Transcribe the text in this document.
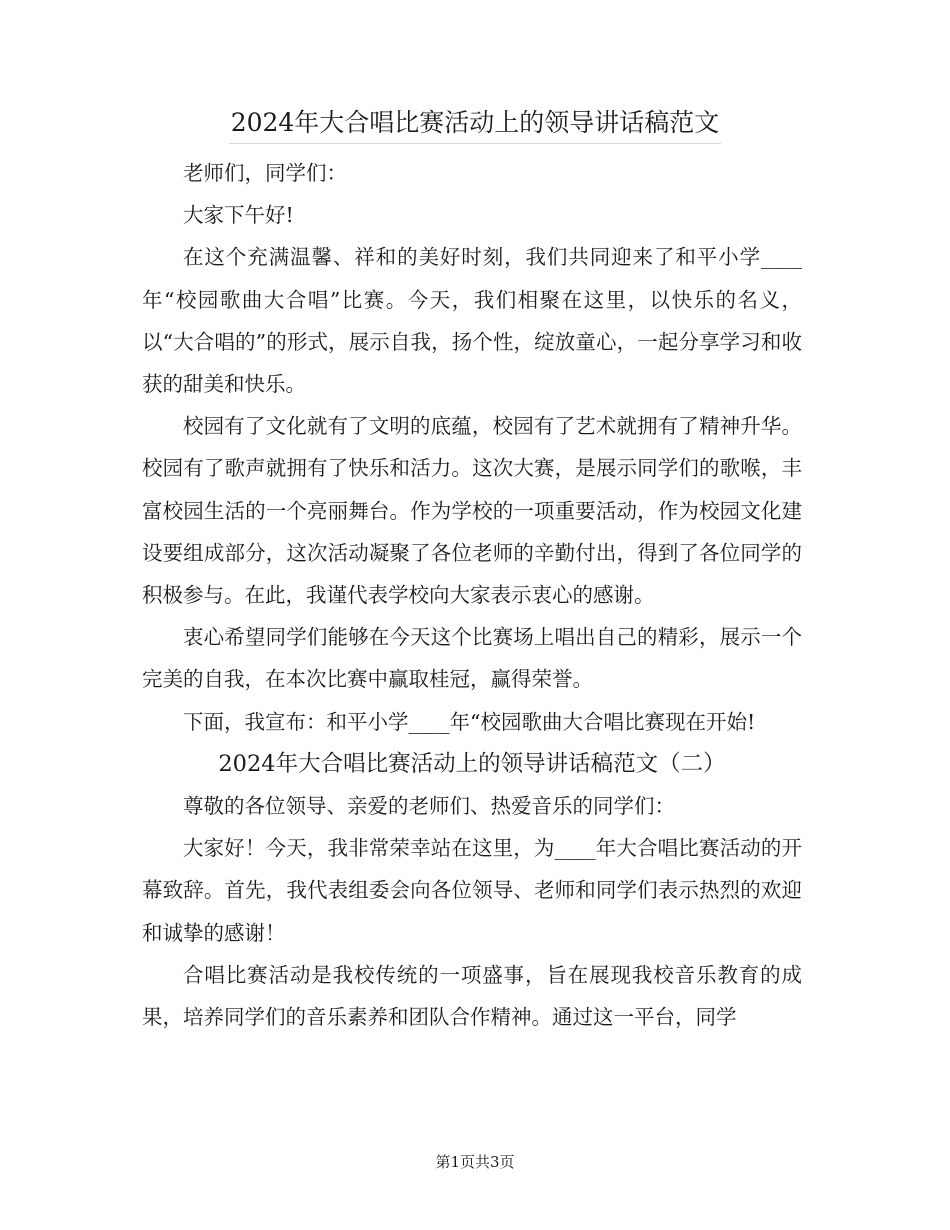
2024年大合唱比赛活动上的领导讲话稿范文

老师们，同学们：

大家下午好!

在这个充满温馨、祥和的美好时刻，我们共同迎来了和平小学____年“校园歌曲大合唱”比赛。今天，我们相聚在这里，以快乐的名义，以“大合唱的”的形式，展示自我，扬个性，绽放童心，一起分享学习和收获的甜美和快乐。

校园有了文化就有了文明的底蕴，校园有了艺术就拥有了精神升华。校园有了歌声就拥有了快乐和活力。这次大赛，是展示同学们的歌喉，丰富校园生活的一个亮丽舞台。作为学校的一项重要活动，作为校园文化建设要组成部分，这次活动凝聚了各位老师的辛勤付出，得到了各位同学的积极参与。在此，我谨代表学校向大家表示衷心的感谢。

衷心希望同学们能够在今天这个比赛场上唱出自己的精彩，展示一个完美的自我，在本次比赛中赢取桂冠，赢得荣誉。

下面，我宣布：和平小学____年“校园歌曲大合唱比赛现在开始!

2024年大合唱比赛活动上的领导讲话稿范文（二）

尊敬的各位领导、亲爱的老师们、热爱音乐的同学们：

大家好！今天，我非常荣幸站在这里，为____年大合唱比赛活动的开幕致辞。首先，我代表组委会向各位领导、老师和同学们表示热烈的欢迎和诚挚的感谢！

合唱比赛活动是我校传统的一项盛事，旨在展现我校音乐教育的成果，培养同学们的音乐素养和团队合作精神。通过这一平台，同学

第1页共3页
